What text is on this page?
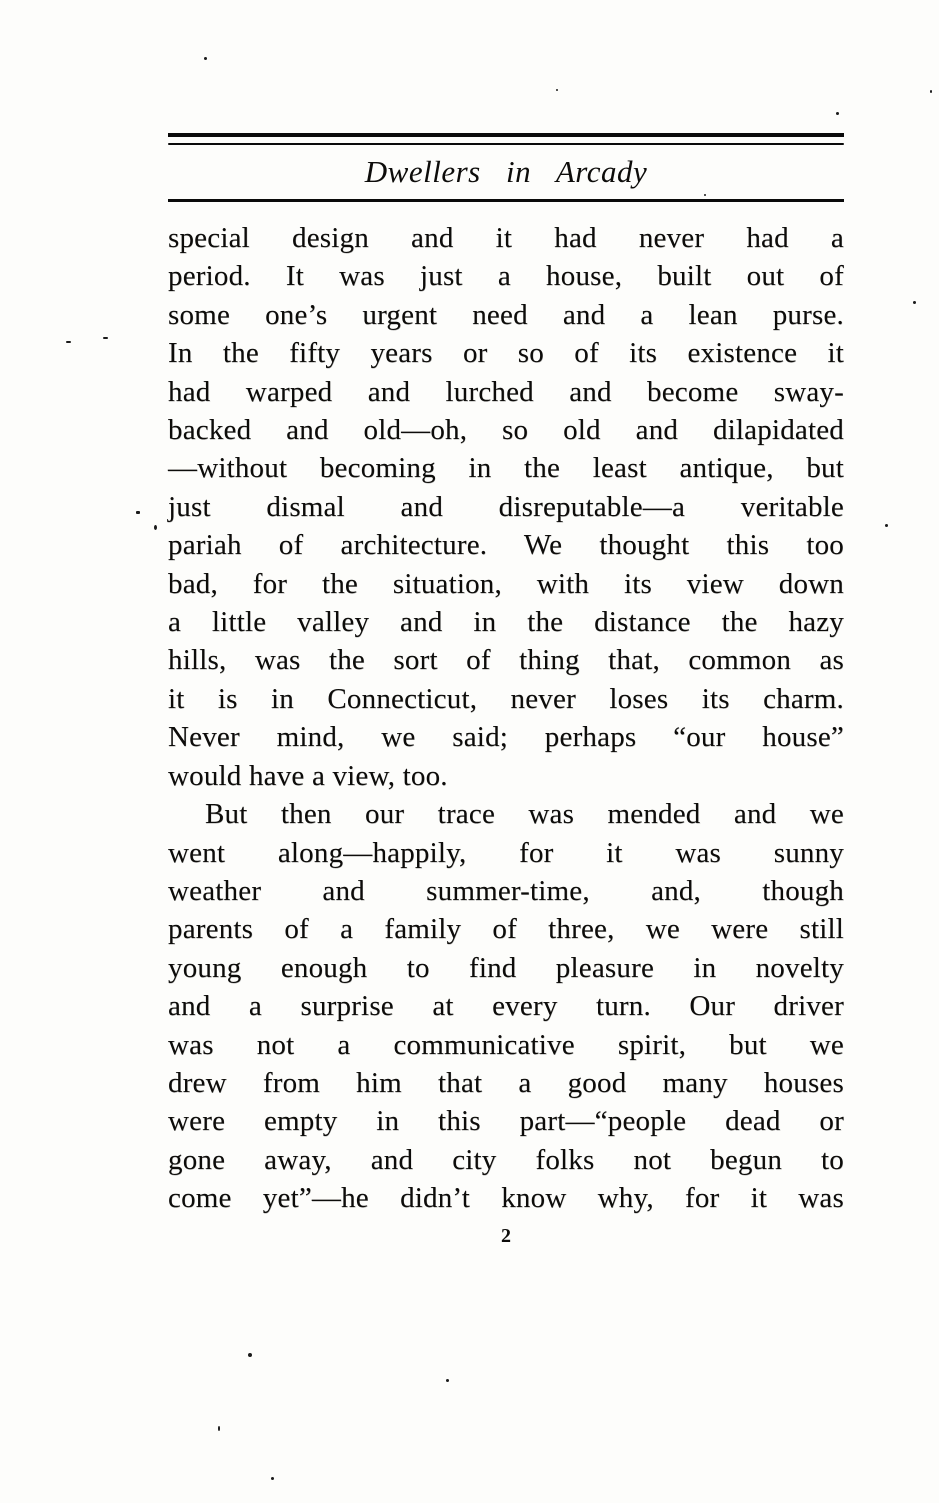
Dwellers in Arcady
special design and it had never had a
period. It was just a house, built out of
some one’s urgent need and a lean purse.
In the fifty years or so of its existence it
had warped and lurched and become sway-
backed and old—oh, so old and dilapidated
—without becoming in the least antique, but
just dismal and disreputable—a veritable
pariah of architecture. We thought this too
bad, for the situation, with its view down
a little valley and in the distance the hazy
hills, was the sort of thing that, common as
it is in Connecticut, never loses its charm.
Never mind, we said; perhaps “our house”
would have a view, too.
But then our trace was mended and we
went along—happily, for it was sunny
weather and summer-time, and, though
parents of a family of three, we were still
young enough to find pleasure in novelty
and a surprise at every turn. Our driver
was not a communicative spirit, but we
drew from him that a good many houses
were empty in this part—“people dead or
gone away, and city folks not begun to
come yet”—he didn’t know why, for it was
2
